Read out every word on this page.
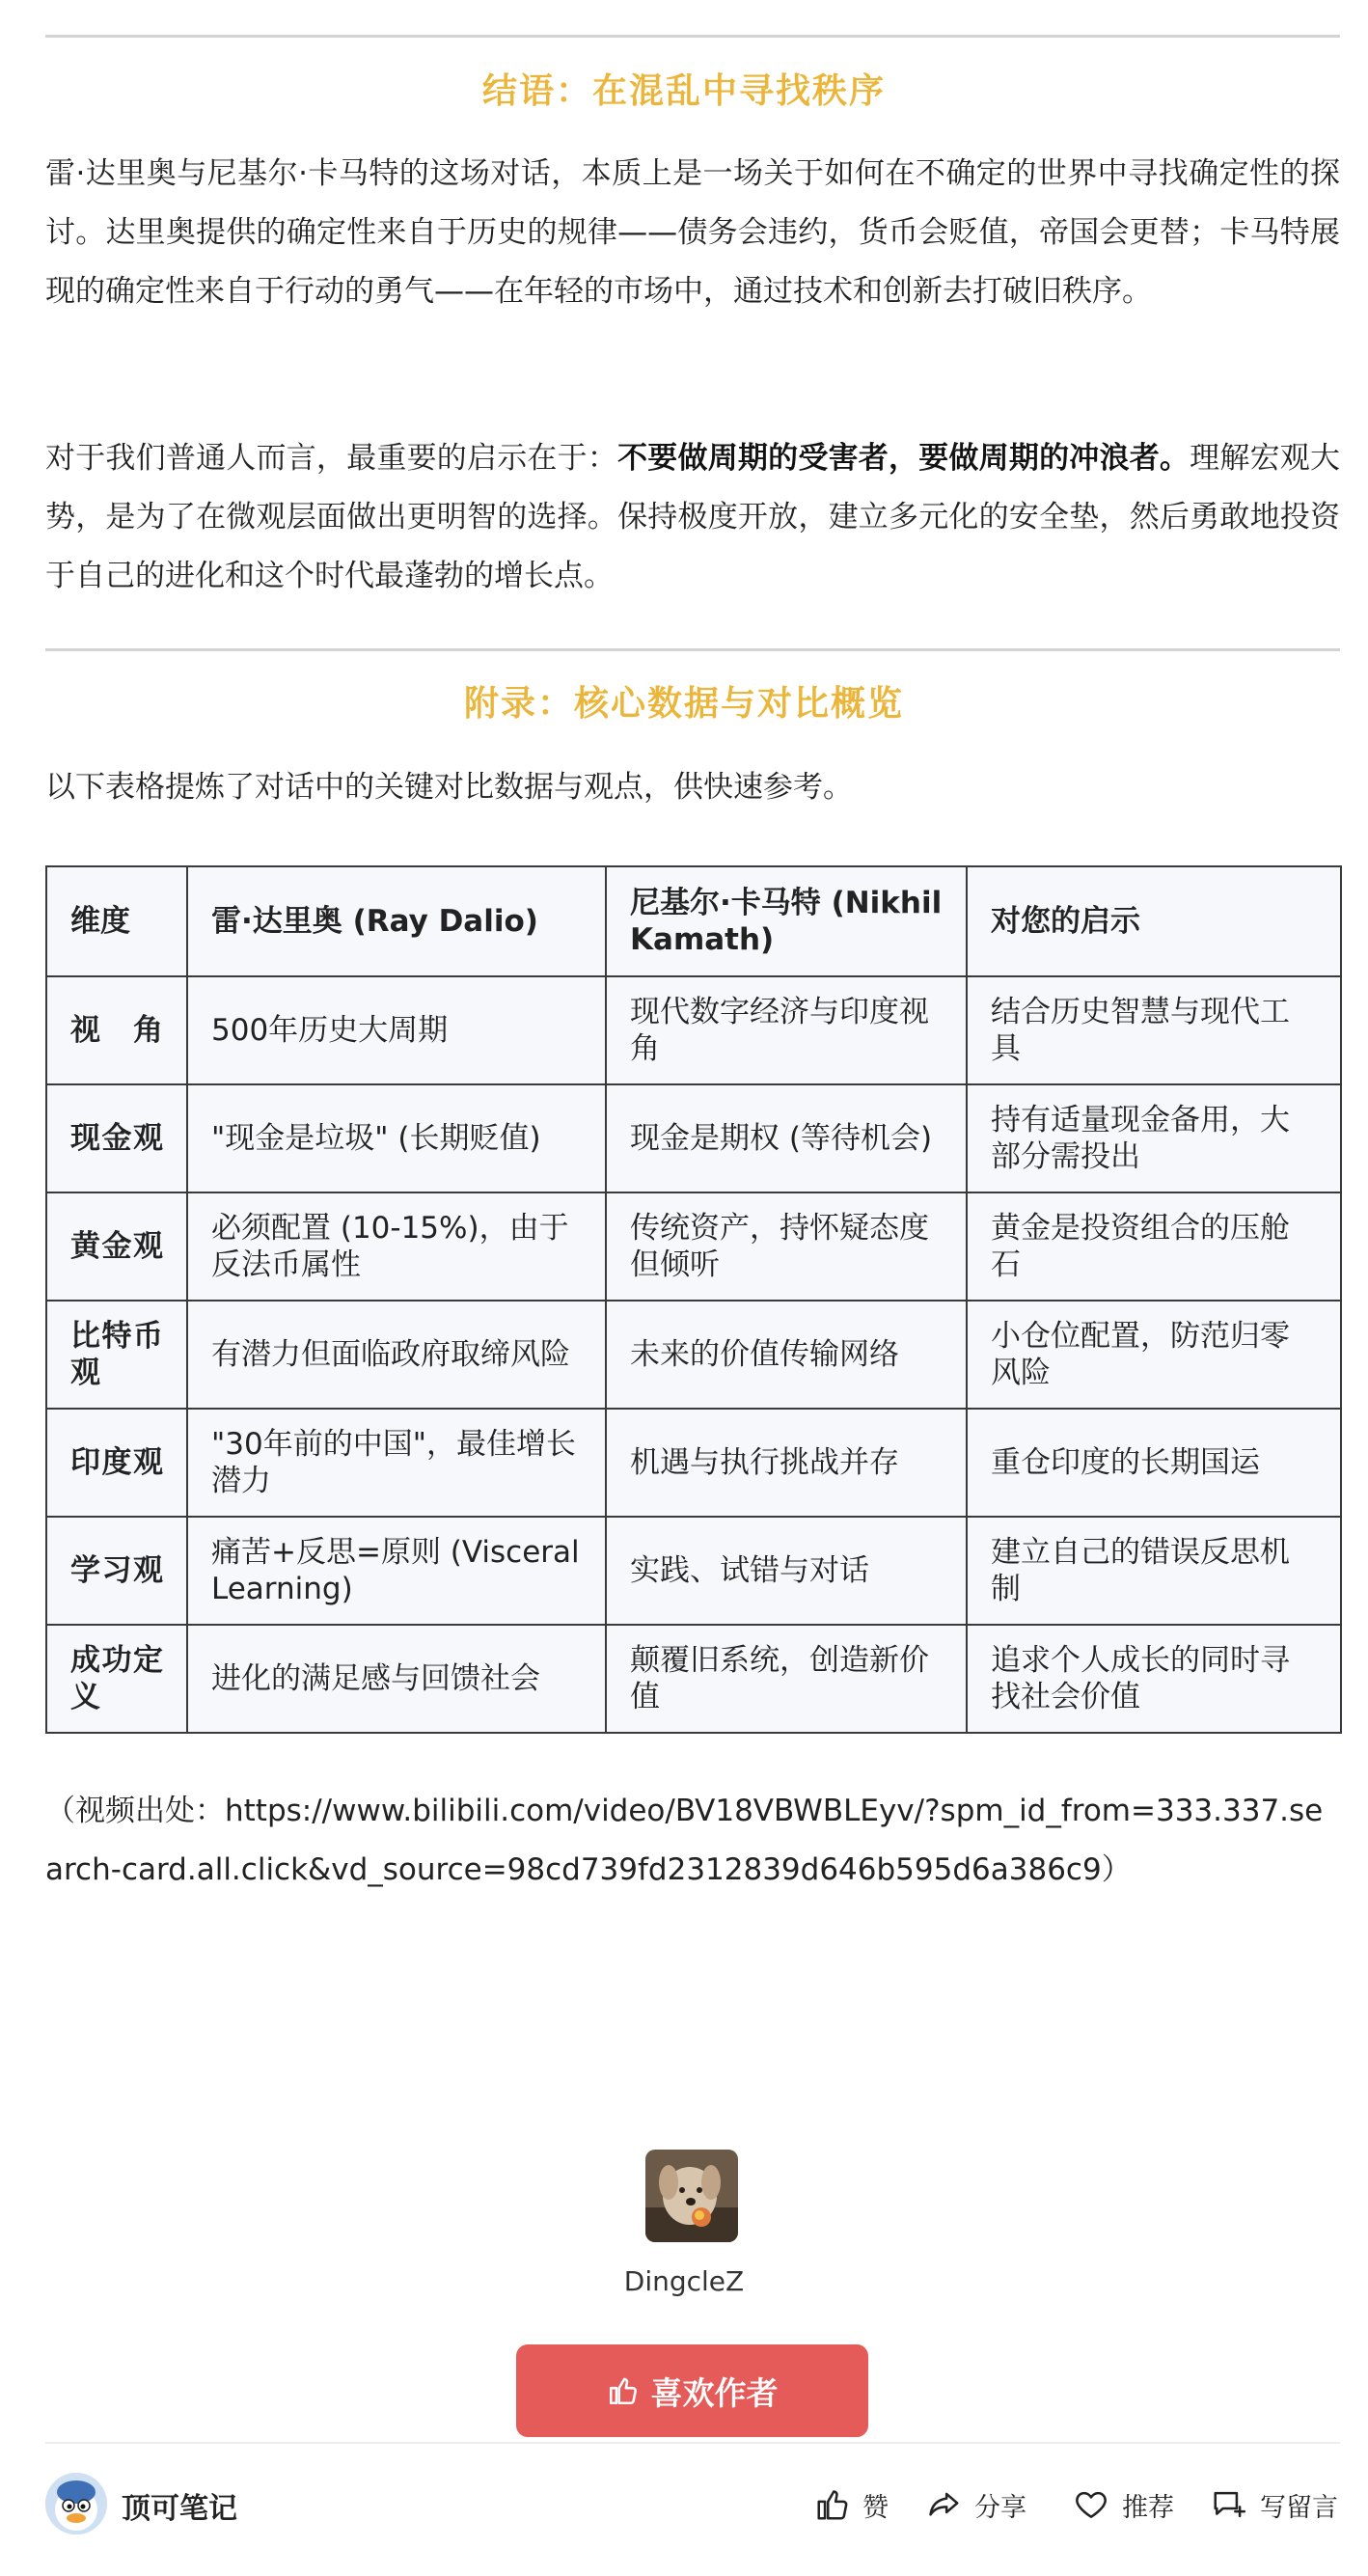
结语：在混乱中寻找秩序

雷·达里奥与尼基尔·卡马特的这场对话，本质上是一场关于如何在不确定的世界中寻找确定性的探讨。达里奥提供的确定性来自于历史的规律——债务会违约，货币会贬值，帝国会更替；卡马特展现的确定性来自于行动的勇气——在年轻的市场中，通过技术和创新去打破旧秩序。

对于我们普通人而言，最重要的启示在于：不要做周期的受害者，要做周期的冲浪者。理解宏观大势，是为了在微观层面做出更明智的选择。保持极度开放，建立多元化的安全垫，然后勇敢地投资于自己的进化和这个时代最蓬勃的增长点。

附录：核心数据与对比概览

以下表格提炼了对话中的关键对比数据与观点，供快速参考。

维度	雷·达里奥 (Ray Dalio)	尼基尔·卡马特 (Nikhil Kamath)	对您的启示
视角	500年历史大周期	现代数字经济与印度视角	结合历史智慧与现代工具
现金观	"现金是垃圾" (长期贬值)	现金是期权 (等待机会)	持有适量现金备用，大部分需投出
黄金观	必须配置 (10-15%)，由于反法币属性	传统资产，持怀疑态度但倾听	黄金是投资组合的压舱石
比特币观	有潜力但面临政府取缔风险	未来的价值传输网络	小仓位配置，防范归零风险
印度观	"30年前的中国"，最佳增长潜力	机遇与执行挑战并存	重仓印度的长期国运
学习观	痛苦+反思=原则 (Visceral Learning)	实践、试错与对话	建立自己的错误反思机制
成功定义	进化的满足感与回馈社会	颠覆旧系统，创造新价值	追求个人成长的同时寻找社会价值

（视频出处：https://www.bilibili.com/video/BV18VBWBLEyv/?spm_id_from=333.337.search-card.all.click&vd_source=98cd739fd2312839d646b595d6a386c9）

DingcleZ
喜欢作者
顶可笔记	赞	分享	推荐	写留言
